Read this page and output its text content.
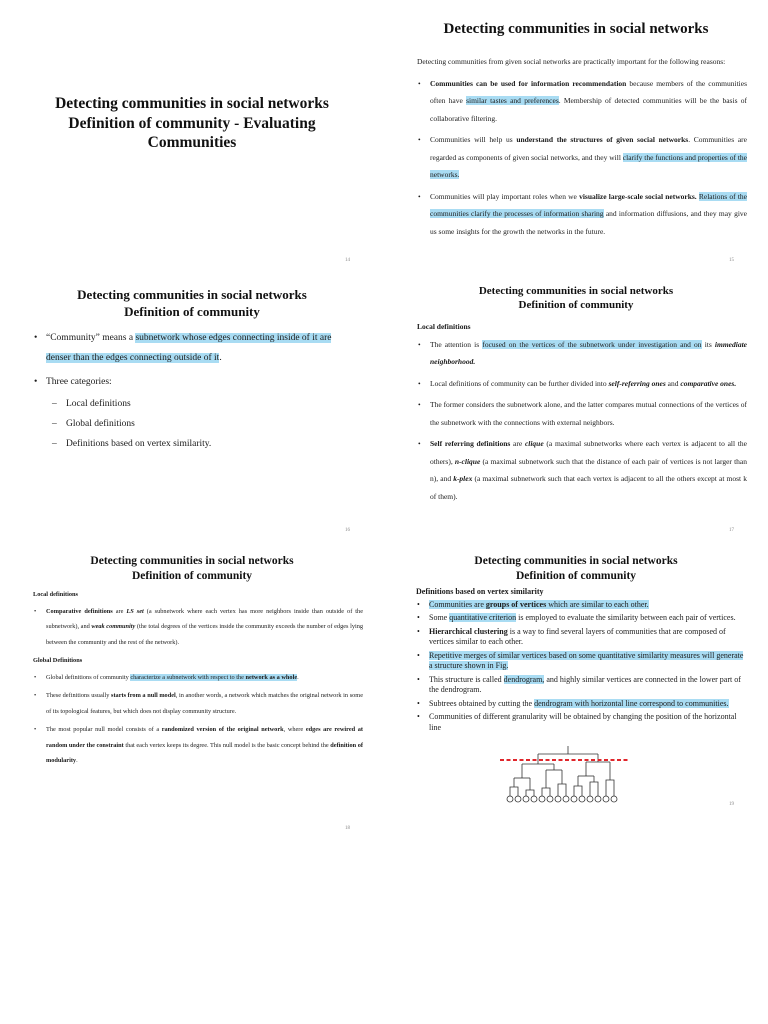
Detecting communities in social networks
Definition of community - Evaluating
Communities
14
Detecting communities in social networks
Detecting communities from given social networks are practically important for the following reasons:
• Communities can be used for information recommendation because members of the communities often have similar tastes and preferences. Membership of detected communities will be the basis of collaborative filtering.
• Communities will help us understand the structures of given social networks. Communities are regarded as components of given social networks, and they will clarify the functions and properties of the networks.
• Communities will play important roles when we visualize large-scale social networks. Relations of the communities clarify the processes of information sharing and information diffusions, and they may give us some insights for the growth the networks in the future.
15
Detecting communities in social networks
Definition of community
• “Community” means a subnetwork whose edges connecting inside of it are denser than the edges connecting outside of it.
• Three categories:
– Local definitions
– Global definitions
– Definitions based on vertex similarity.
16
Detecting communities in social networks
Definition of community
Local definitions
• The attention is focused on the vertices of the subnetwork under investigation and on its immediate neighborhood.
• Local definitions of community can be further divided into self-referring ones and comparative ones.
• The former considers the subnetwork alone, and the latter compares mutual connections of the vertices of the subnetwork with the connections with external neighbors.
• Self referring definitions are clique (a maximal subnetworks where each vertex is adjacent to all the others), n-clique (a maximal subnetwork such that the distance of each pair of vertices is not larger than n), and k-plex (a maximal subnetwork such that each vertex is adjacent to all the others except at most k of them).
17
Detecting communities in social networks
Definition of community
Local definitions
• Comparative definitions are LS set (a subnetwork where each vertex has more neighbors inside than outside of the subnetwork), and weak community (the total degrees of the vertices inside the community exceeds the number of edges lying between the community and the rest of the network).
Global Definitions
• Global definitions of community characterize a subnetwork with respect to the network as a whole.
• These definitions usually starts from a null model, in another words, a network which matches the original network in some of its topological features, but which does not display community structure.
• The most popular null model consists of a randomized version of the original network, where edges are rewired at random under the constraint that each vertex keeps its degree. This null model is the basic concept behind the definition of modularity.
18
Detecting communities in social networks
Definition of community
Definitions based on vertex similarity
• Communities are groups of vertices which are similar to each other.
• Some quantitative criterion is employed to evaluate the similarity between each pair of vertices.
• Hierarchical clustering is a way to find several layers of communities that are composed of vertices similar to each other.
• Repetitive merges of similar vertices based on some quantitative similarity measures will generate a structure shown in Fig.
• This structure is called dendrogram, and highly similar vertices are connected in the lower part of the dendrogram.
• Subtrees obtained by cutting the dendrogram with horizontal line correspond to communities.
• Communities of different granularity will be obtained by changing the position of the horizontal line
19
